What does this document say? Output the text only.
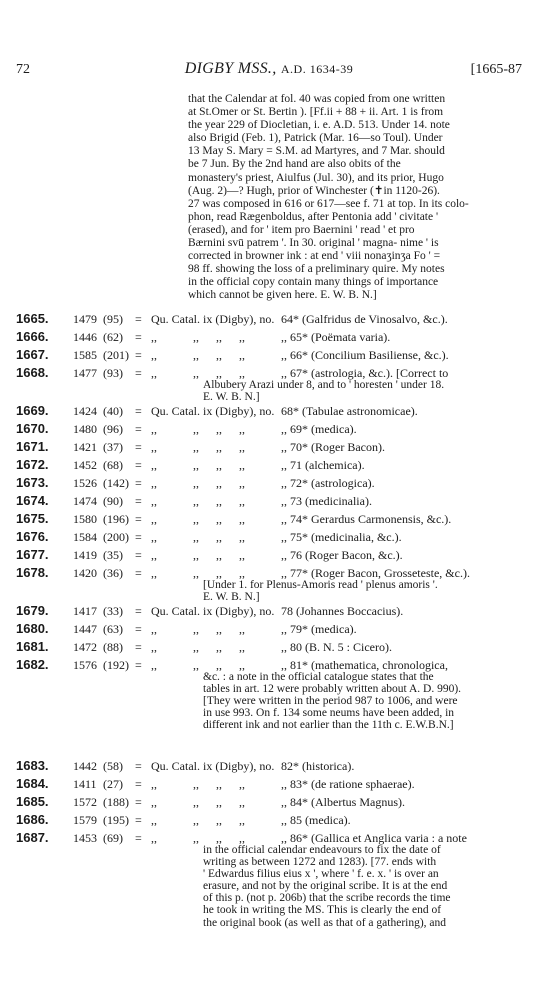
72	DIGBY MSS., A.D. 1634-39	[1665-87
that the Calendar at fol. 40 was copied from one written
at St.Omer or St. Bertin ). [Ff.ii + 88 + ii. Art. 1 is from
the year 229 of Diocletian, i. e. A.D. 513. Under 14. note
also Brigid (Feb. 1), Patrick (Mar. 16—so Toul). Under
13 May S. Mary = S.M. ad Martyres, and 7 Mar. should
be 7 Jun. By the 2nd hand are also obits of the
monastery's priest, Aiulfus (Jul. 30), and its prior, Hugo
(Aug. 2)—? Hugh, prior of Winchester (✝in 1120-26).
27 was composed in 616 or 617—see f. 71 at top. In its colo-
phon, read Rægenboldus, after Pentonia add ' civitate '
(erased), and for ' item pro Baernini ' read ' et pro
Bærnini svū patrem '. In 30. original ' magna- nime ' is
corrected in browner ink : at end ' viii nonaʒinʒa Fo ' =
98 ff. showing the loss of a preliminary quire. My notes
in the official copy contain many things of importance
which cannot be given here. E. W. B. N.]
1665. 1479 (95) = Qu. Catal. ix (Digby), no. 64* (Galfridus de Vinosalvo, &c.).
1666. 1446 (62) = ,,	,, ,, ,,	,, 65* (Poëmata varia).
1667. 1585 (201) = ,,	,, ,, ,,	,, 66* (Concilium Basiliense, &c.).
1668. 1477 (93) = ,,	,, ,, ,,	,, 67* (astrologia, &c.). [Correct to
Albubery Arazi under 8, and to ' horesten ' under 18.
E. W. B. N.]
1669. 1424 (40) = Qu. Catal. ix (Digby), no. 68* (Tabulae astronomicae).
1670. 1480 (96) = ,,	,, ,, ,,	,, 69* (medica).
1671. 1421 (37) = ,,	,, ,, ,,	,, 70* (Roger Bacon).
1672. 1452 (68) = ,,	,, ,, ,,	,, 71 (alchemica).
1673. 1526 (142) = ,,	,, ,, ,,	,, 72* (astrologica).
1674. 1474 (90) = ,,	,, ,, ,,	,, 73 (medicinalia).
1675. 1580 (196) = ,,	,, ,, ,,	,, 74* Gerardus Carmonensis, &c.).
1676. 1584 (200) = ,,	,, ,, ,,	,, 75* (medicinalia, &c.).
1677. 1419 (35) = ,,	,, ,, ,,	,, 76 (Roger Bacon, &c.).
1678. 1420 (36) = ,,	,, ,, ,,	,, 77* (Roger Bacon, Grosseteste, &c.).
[Under 1. for Plenus-Amoris read ' plenus amoris '.
E. W. B. N.]
1679. 1417 (33) = Qu. Catal. ix (Digby), no. 78 (Johannes Boccacius).
1680. 1447 (63) = ,,	,, ,, ,,	,, 79* (medica).
1681. 1472 (88) = ,,	,, ,, ,,	,, 80 (B. N. 5 : Cicero).
1682. 1576 (192) = ,,	,, ,, ,,	,, 81* (mathematica, chronologica,
&c. : a note in the official catalogue states that the
tables in art. 12 were probably written about A. D. 990).
[They were written in the period 987 to 1006, and were
in use 993. On f. 134 some neums have been added, in
different ink and not earlier than the 11th c. E.W.B.N.]
1683. 1442 (58) = Qu. Catal. ix (Digby), no. 82* (historica).
1684. 1411 (27) = ,,	,, ,, ,,	,, 83* (de ratione sphaerae).
1685. 1572 (188) = ,,	,, ,, ,,	,, 84* (Albertus Magnus).
1686. 1579 (195) = ,,	,, ,, ,,	,, 85 (medica).
1687. 1453 (69) = ,,	,, ,, ,,	,, 86* (Gallica et Anglica varia : a note
in the official calendar endeavours to fix the date of
writing as between 1272 and 1283). [77. ends with
' Edwardus filius eius x ', where ' f. e. x. ' is over an
erasure, and not by the original scribe. It is at the end
of this p. (not p. 206b) that the scribe records the time
he took in writing the MS. This is clearly the end of
the original book (as well as that of a gathering), and
